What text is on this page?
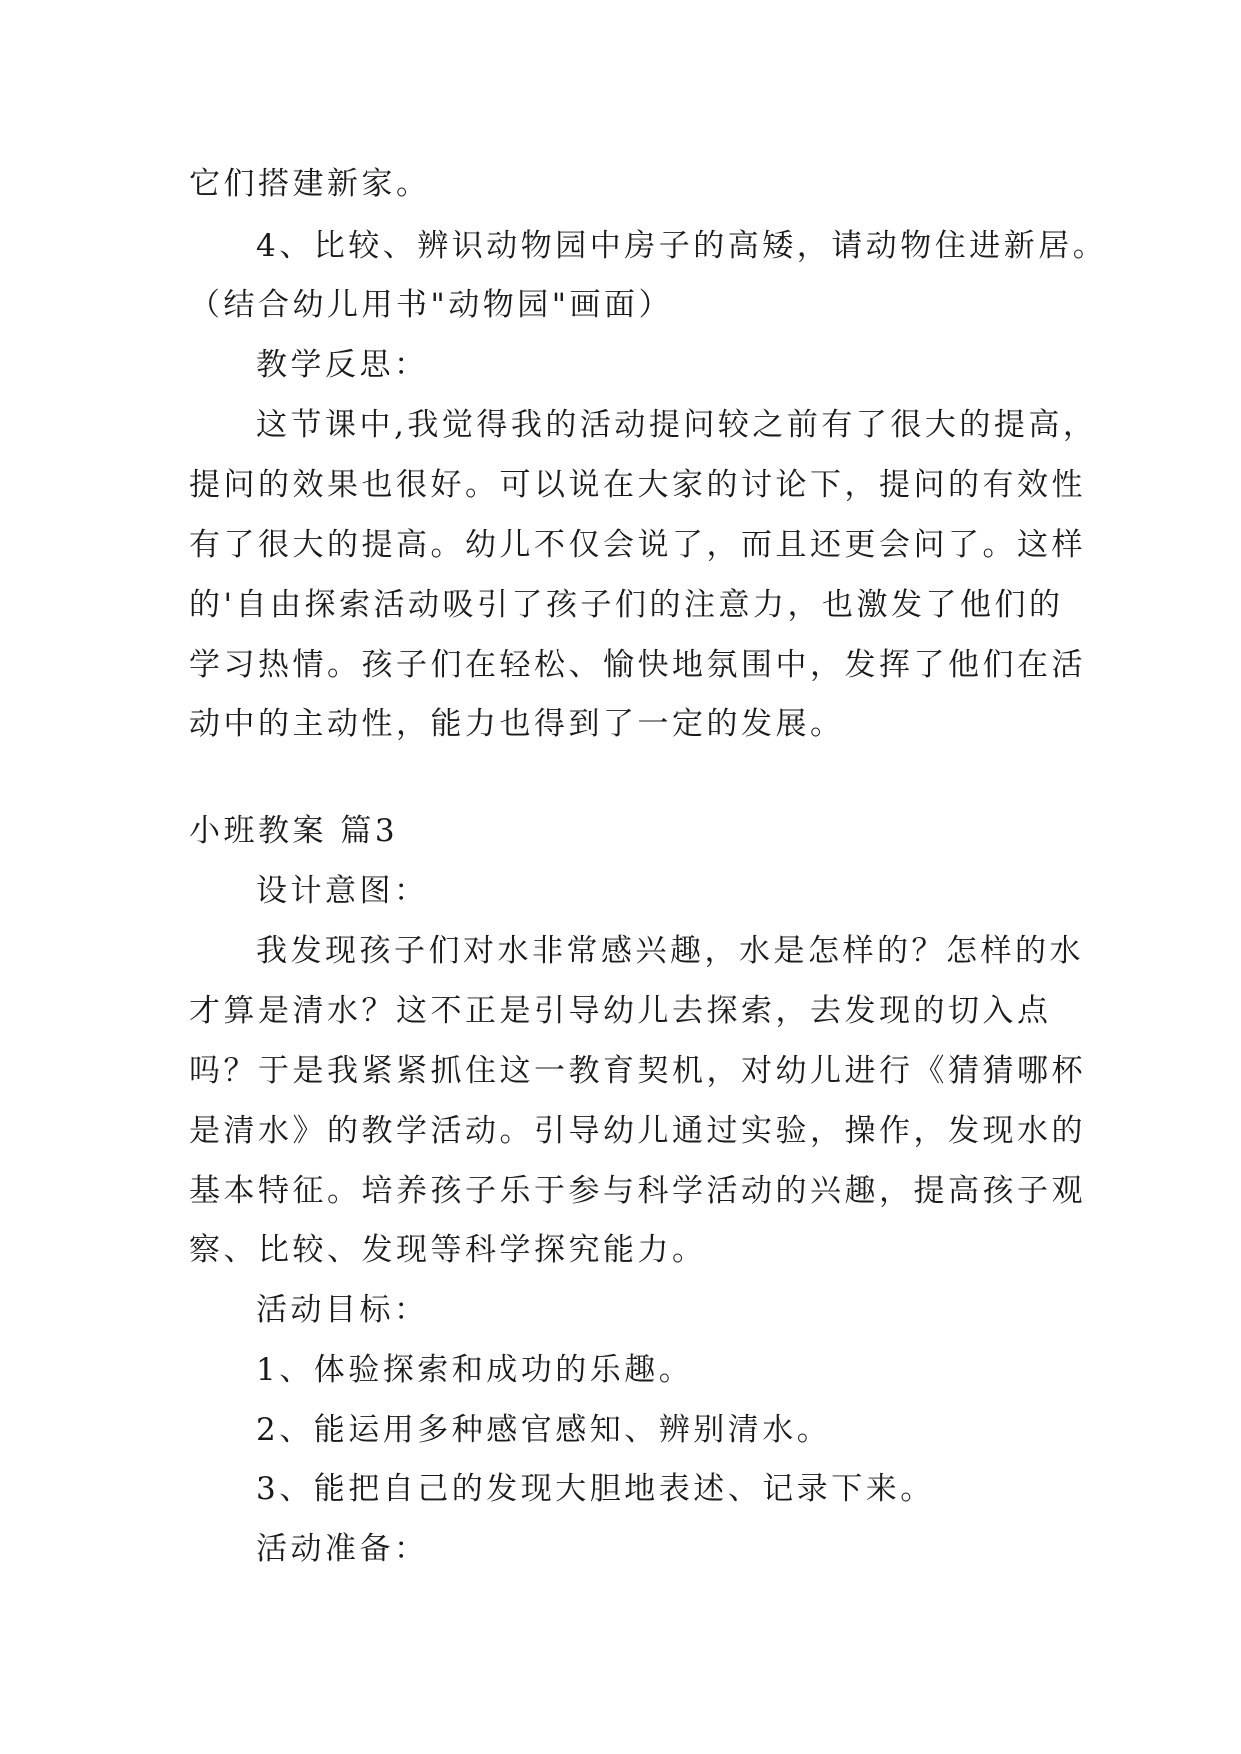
它们搭建新家。
4、比较、辨识动物园中房子的高矮，请动物住进新居。
（结合幼儿用书"动物园"画面）
教学反思：
这节课中,我觉得我的活动提问较之前有了很大的提高，
提问的效果也很好。可以说在大家的讨论下，提问的有效性
有了很大的提高。幼儿不仅会说了，而且还更会问了。这样
的'自由探索活动吸引了孩子们的注意力，也激发了他们的
学习热情。孩子们在轻松、愉快地氛围中，发挥了他们在活
动中的主动性，能力也得到了一定的发展。
小班教案 篇3
设计意图：
我发现孩子们对水非常感兴趣，水是怎样的？怎样的水
才算是清水？这不正是引导幼儿去探索，去发现的切入点
吗？于是我紧紧抓住这一教育契机，对幼儿进行《猜猜哪杯
是清水》的教学活动。引导幼儿通过实验，操作，发现水的
基本特征。培养孩子乐于参与科学活动的兴趣，提高孩子观
察、比较、发现等科学探究能力。
活动目标：
1、体验探索和成功的乐趣。
2、能运用多种感官感知、辨别清水。
3、能把自己的发现大胆地表述、记录下来。
活动准备：
